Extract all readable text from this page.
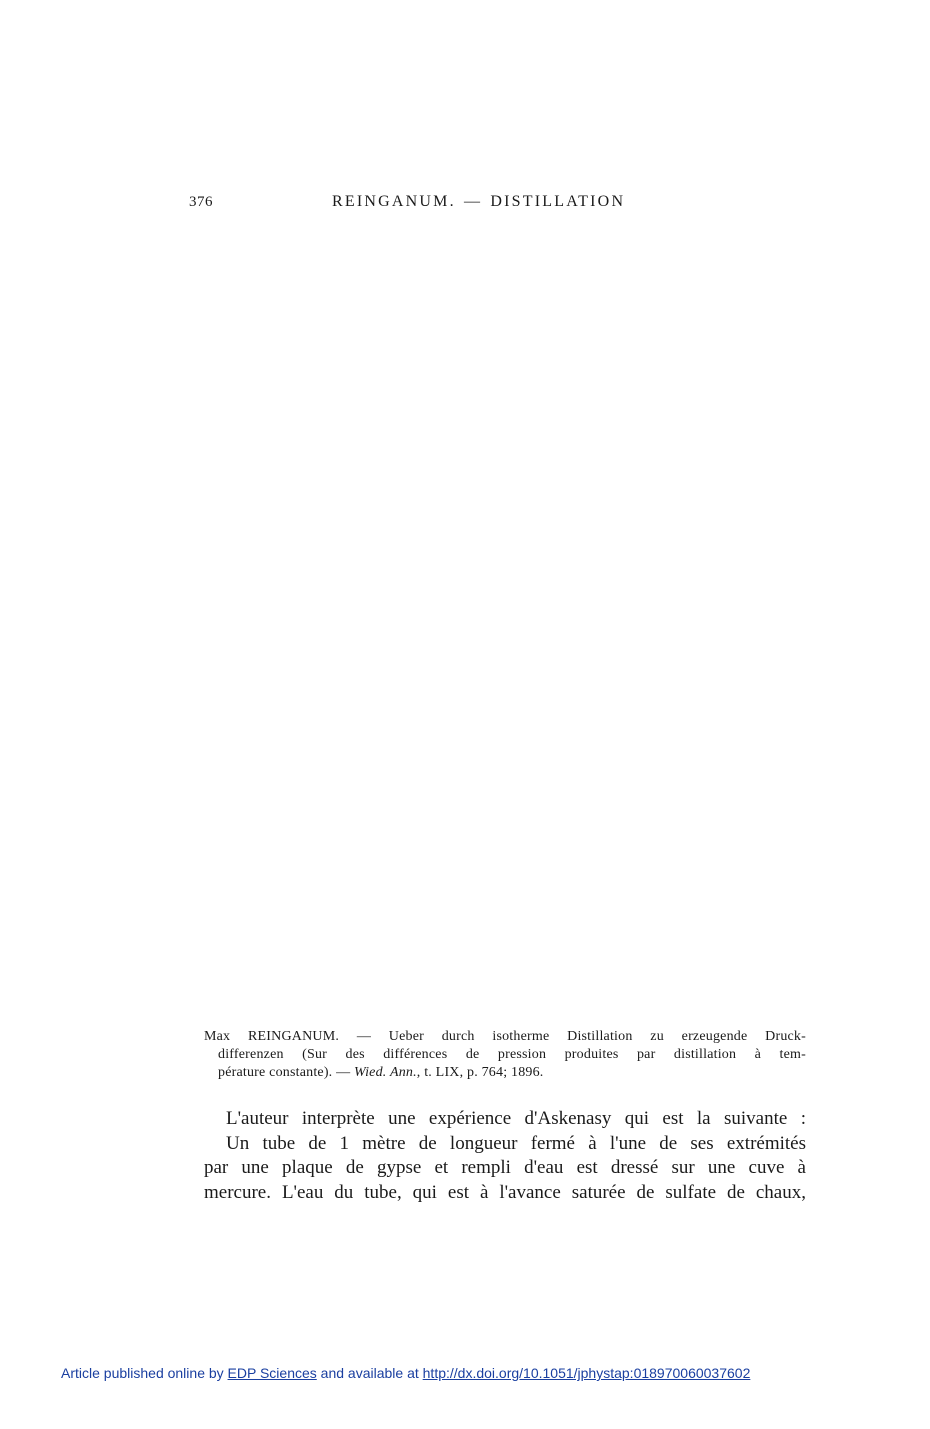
376	REINGANUM. — DISTILLATION
Max REINGANUM. — Ueber durch isotherme Distillation zu erzeugende Druck-
differenzen (Sur des différences de pression produites par distillation à tem-
pérature constante). — Wied. Ann., t. LIX, p. 764; 1896.
L'auteur interprète une expérience d'Askenasy qui est la suivante :
Un tube de 1 mètre de longueur fermé à l'une de ses extrémités
par une plaque de gypse et rempli d'eau est dressé sur une cuve à
mercure. L'eau du tube, qui est à l'avance saturée de sulfate de chaux,
Article published online by EDP Sciences and available at http://dx.doi.org/10.1051/jphystap:018970060037602
